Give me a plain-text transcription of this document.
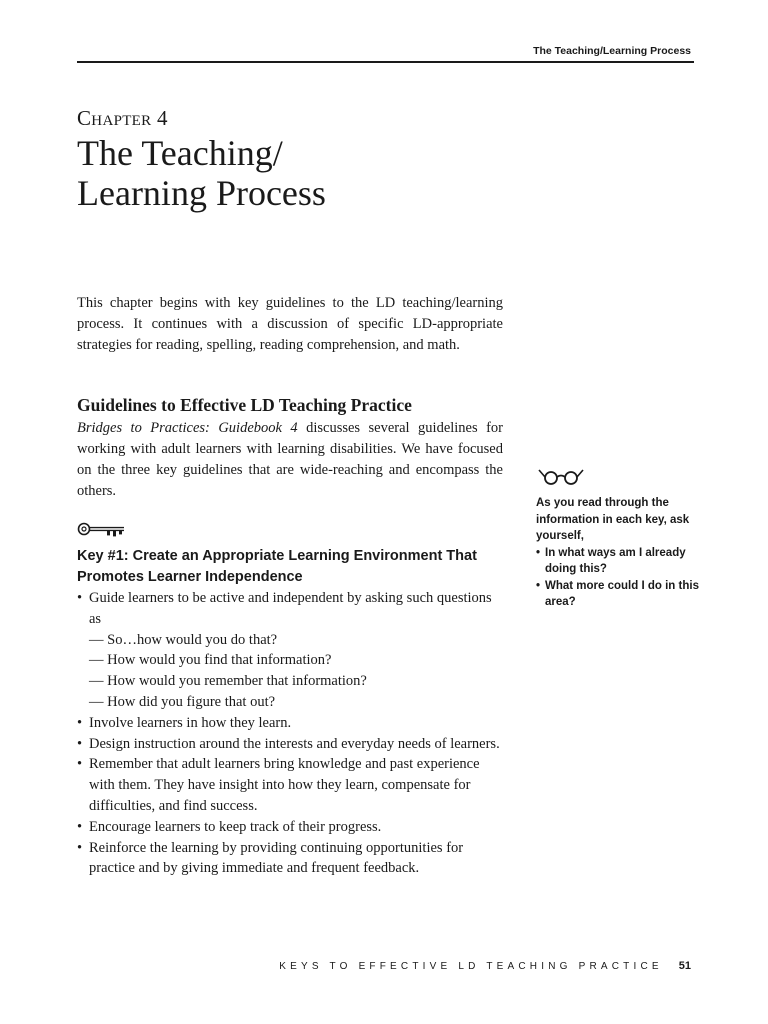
The Teaching/Learning Process
Chapter 4
The Teaching/
Learning Process

This chapter begins with key guidelines to the LD teaching/learning process. It continues with a discussion of specific LD-appropriate strategies for reading, spelling, reading comprehension, and math.

Guidelines to Effective LD Teaching Practice

Bridges to Practices: Guidebook 4 discusses several guidelines for working with adult learners with learning disabilities. We have focused on the three key guidelines that are wide-reaching and encompass the others.

Key #1: Create an Appropriate Learning Environment That Promotes Learner Independence
• Guide learners to be active and independent by asking such questions as
— So…how would you do that?
— How would you find that information?
— How would you remember that information?
— How did you figure that out?
• Involve learners in how they learn.
• Design instruction around the interests and everyday needs of learners.
• Remember that adult learners bring knowledge and past experience with them. They have insight into how they learn, compensate for difficulties, and find success.
• Encourage learners to keep track of their progress.
• Reinforce the learning by providing continuing opportunities for practice and by giving immediate and frequent feedback.
As you read through the information in each key, ask yourself,
• In what ways am I already doing this?
• What more could I do in this area?
KEYS TO EFFECTIVE LD TEACHING PRACTICE 51
